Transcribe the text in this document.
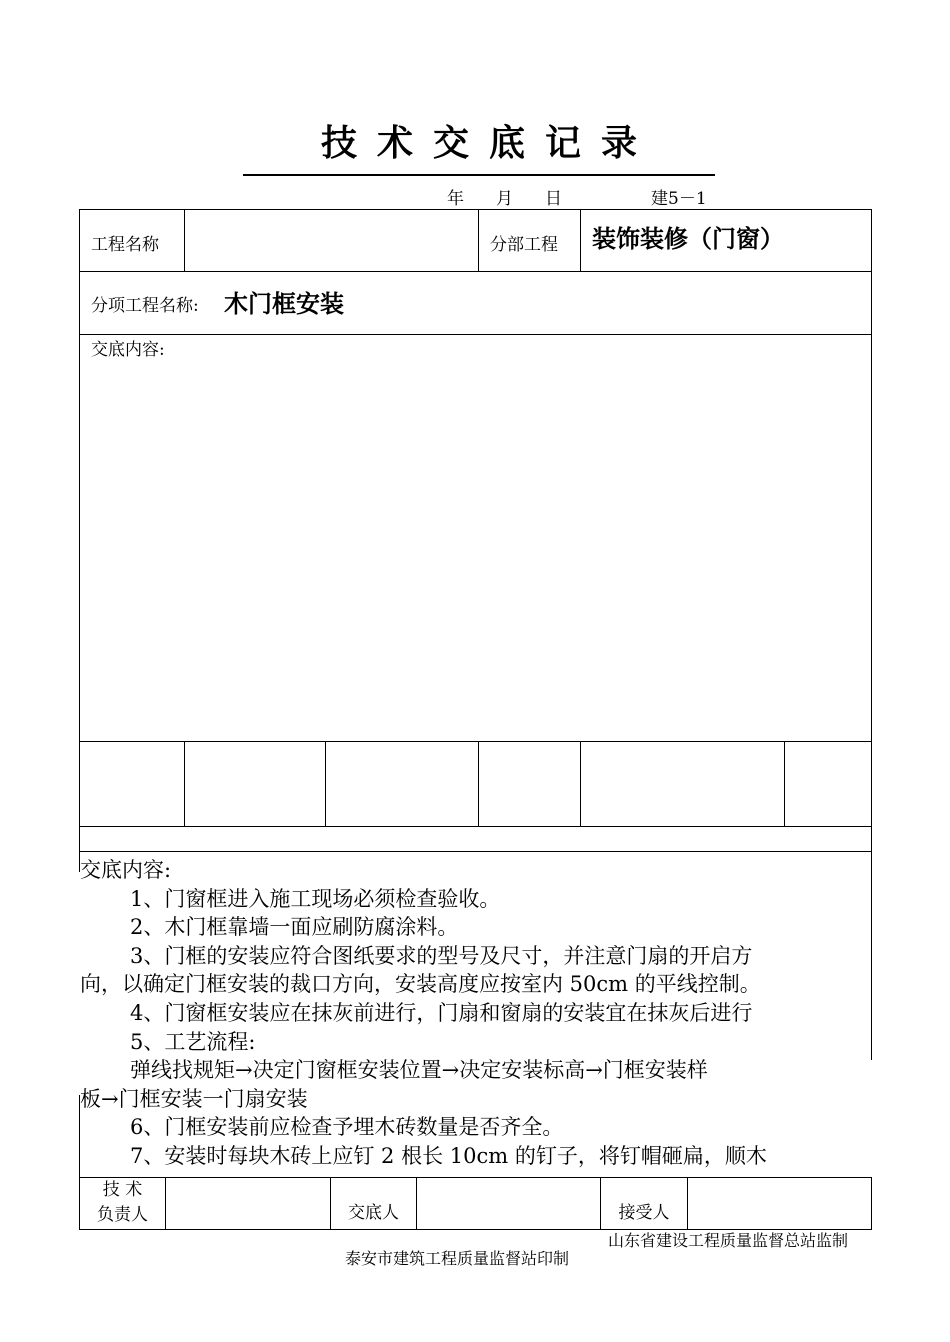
技术交底记录
年 月 日	建5－1
工程名称	分部工程 装饰装修（门窗）
分项工程名称: 木门框安装
交底内容:

交底内容:

1、门窗框进入施工现场必须检查验收。

2、木门框靠墙一面应刷防腐涂料。

3、门框的安装应符合图纸要求的型号及尺寸，并注意门扇的开启方

向，以确定门框安装的裁口方向，安装高度应按室内 50cm 的平线控制。

4、门窗框安装应在抹灰前进行，门扇和窗扇的安装宜在抹灰后进行

5、工艺流程:

弹线找规矩→决定门窗框安装位置→决定安装标高→门框安装样

板→门框安装一门扇安装

6、门框安装前应检查予埋木砖数量是否齐全。

7、安装时每块木砖上应钉 2 根长 10cm 的钉子，将钉帽砸扁，顺木

技 术
负责人	交底人	接受人
山东省建设工程质量监督总站监制
泰安市建筑工程质量监督站印制
